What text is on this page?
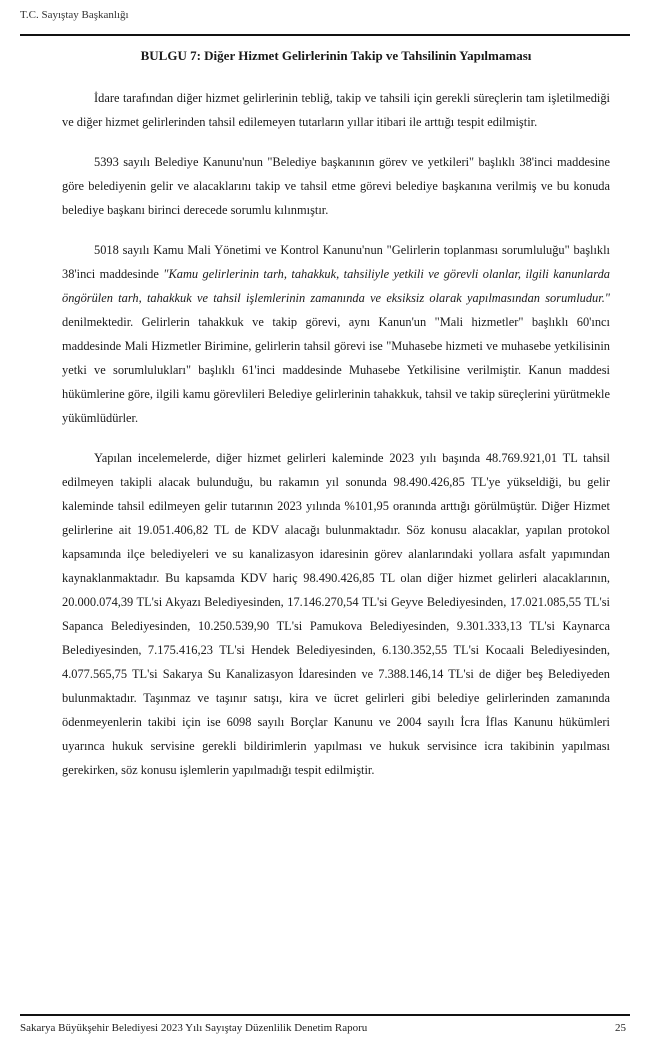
T.C. Sayıştay Başkanlığı
BULGU 7: Diğer Hizmet Gelirlerinin Takip ve Tahsilinin Yapılmaması

İdare tarafından diğer hizmet gelirlerinin tebliğ, takip ve tahsili için gerekli süreçlerin tam işletilmediği ve diğer hizmet gelirlerinden tahsil edilemeyen tutarların yıllar itibari ile arttığı tespit edilmiştir.

5393 sayılı Belediye Kanunu'nun "Belediye başkanının görev ve yetkileri" başlıklı 38'inci maddesine göre belediyenin gelir ve alacaklarını takip ve tahsil etme görevi belediye başkanına verilmiş ve bu konuda belediye başkanı birinci derecede sorumlu kılınmıştır.

5018 sayılı Kamu Mali Yönetimi ve Kontrol Kanunu'nun "Gelirlerin toplanması sorumluluğu" başlıklı 38'inci maddesinde "Kamu gelirlerinin tarh, tahakkuk, tahsiliyle yetkili ve görevli olanlar, ilgili kanunlarda öngörülen tarh, tahakkuk ve tahsil işlemlerinin zamanında ve eksiksiz olarak yapılmasından sorumludur." denilmektedir. Gelirlerin tahakkuk ve takip görevi, aynı Kanun'un "Mali hizmetler" başlıklı 60'ıncı maddesinde Mali Hizmetler Birimine, gelirlerin tahsil görevi ise "Muhasebe hizmeti ve muhasebe yetkilisinin yetki ve sorumlulukları" başlıklı 61'inci maddesinde Muhasebe Yetkilisine verilmiştir. Kanun maddesi hükümlerine göre, ilgili kamu görevlileri Belediye gelirlerinin tahakkuk, tahsil ve takip süreçlerini yürütmekle yükümlüdürler.

Yapılan incelemelerde, diğer hizmet gelirleri kaleminde 2023 yılı başında 48.769.921,01 TL tahsil edilmeyen takipli alacak bulunduğu, bu rakamın yıl sonunda 98.490.426,85 TL'ye yükseldiği, bu gelir kaleminde tahsil edilmeyen gelir tutarının 2023 yılında %101,95 oranında arttığı görülmüştür. Diğer Hizmet gelirlerine ait 19.051.406,82 TL de KDV alacağı bulunmaktadır. Söz konusu alacaklar, yapılan protokol kapsamında ilçe belediyeleri ve su kanalizasyon idaresinin görev alanlarındaki yollara asfalt yapımından kaynaklanmaktadır. Bu kapsamda KDV hariç 98.490.426,85 TL olan diğer hizmet gelirleri alacaklarının, 20.000.074,39 TL'si Akyazı Belediyesinden, 17.146.270,54 TL'si Geyve Belediyesinden, 17.021.085,55 TL'si Sapanca Belediyesinden, 10.250.539,90 TL'si Pamukova Belediyesinden, 9.301.333,13 TL'si Kaynarca Belediyesinden, 7.175.416,23 TL'si Hendek Belediyesinden, 6.130.352,55 TL'si Kocaali Belediyesinden, 4.077.565,75 TL'si Sakarya Su Kanalizasyon İdaresinden ve 7.388.146,14 TL'si de diğer beş Belediyeden bulunmaktadır. Taşınmaz ve taşınır satışı, kira ve ücret gelirleri gibi belediye gelirlerinden zamanında ödenmeyenlerin takibi için ise 6098 sayılı Borçlar Kanunu ve 2004 sayılı İcra İflas Kanunu hükümleri uyarınca hukuk servisine gerekli bildirimlerin yapılması ve hukuk servisince icra takibinin yapılması gerekirken, söz konusu işlemlerin yapılmadığı tespit edilmiştir.

Sakarya Büyükşehir Belediyesi 2023 Yılı Sayıştay Düzenlilik Denetim Raporu	25
